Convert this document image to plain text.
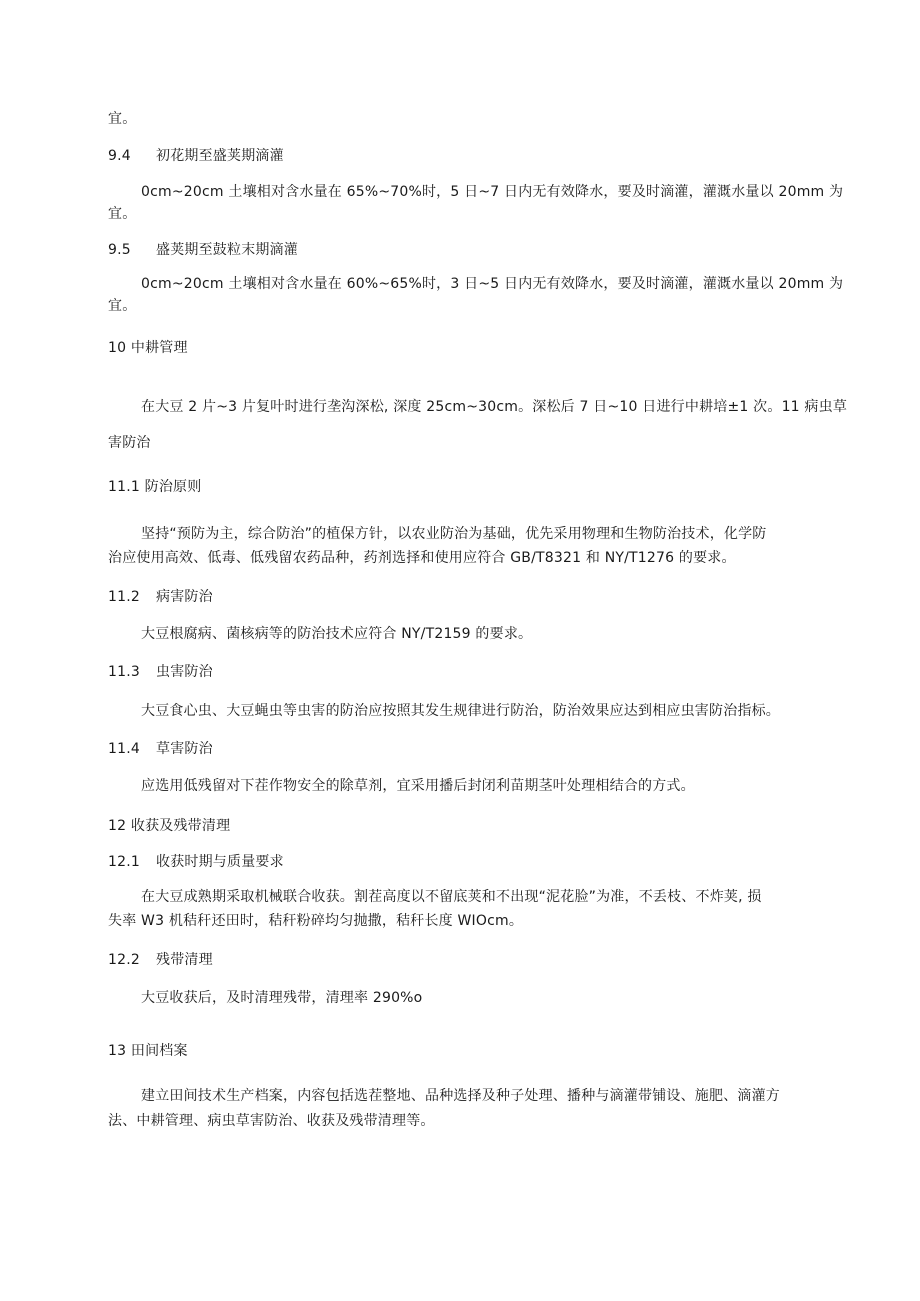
宜。
9.4 初花期至盛荚期滴灌
0cm~20cm 土壤相对含水量在 65%~70%时，5 日~7 日内无有效降水，要及时滴灌，灌溉水量以 20mm 为
宜。
9.5 盛荚期至鼓粒末期滴灌
0cm~20cm 土壤相对含水量在 60%~65%时，3 日~5 日内无有效降水，要及时滴灌，灌溉水量以 20mm 为
宜。
10 中耕管理
在大豆 2 片~3 片复叶时进行垄沟深松, 深度 25cm~30cm。深松后 7 日~10 日进行中耕培±1 次。11 病虫草
害防治
11.1 防治原则
坚持“预防为主，综合防治”的植保方针，以农业防治为基础，优先采用物理和生物防治技术，化学防
治应使用高效、低毒、低残留农药品种，药剂选择和使用应符合 GB/T8321 和 NY/T1276 的要求。
11.2 病害防治
大豆根腐病、菌核病等的防治技术应符合 NY/T2159 的要求。
11.3 虫害防治
大豆食心虫、大豆蝇虫等虫害的防治应按照其发生规律进行防治，防治效果应达到相应虫害防治指标。
11.4 草害防治
应选用低残留对下茬作物安全的除草剂，宜采用播后封闭利苗期茎叶处理相结合的方式。
12 收获及残带清理
12.1 收获时期与质量要求
在大豆成熟期采取机械联合收获。割茬高度以不留底荚和不出现“泥花脸”为准，不丢枝、不炸荚, 损
失率 W3 机秸秆还田时，秸秆粉碎均匀抛撒，秸秆长度 WIOcm。
12.2 残带清理
大豆收获后，及时清理残带，清理率 290%o
13 田间档案
建立田间技术生产档案，内容包括选茬整地、品种选择及种子处理、播种与滴灌带铺设、施肥、滴灌方
法、中耕管理、病虫草害防治、收获及残带清理等。
